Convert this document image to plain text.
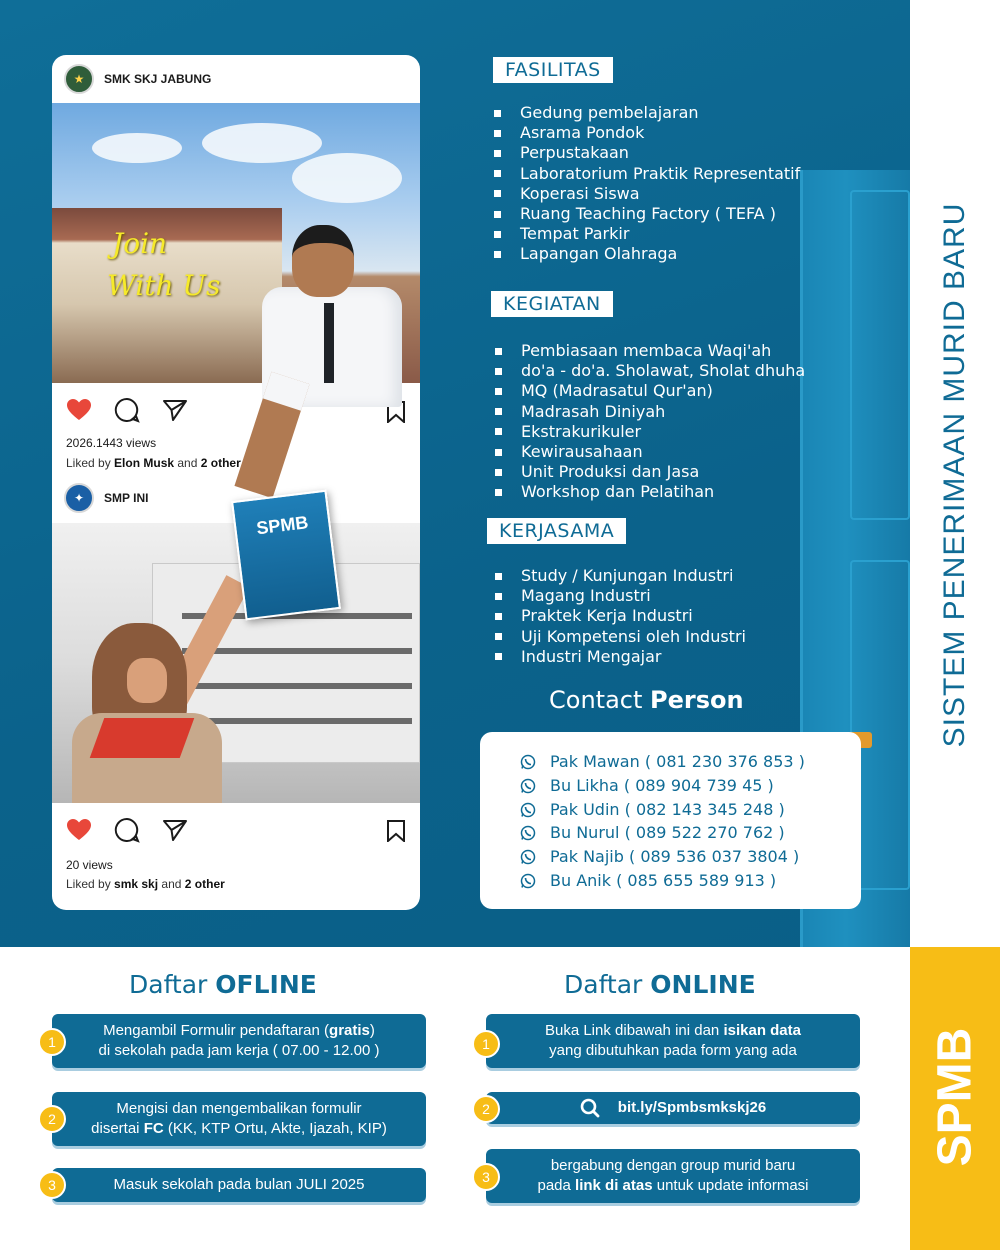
★	SMK SKJ JABUNG
Join
With Us
2026.1443 views
Liked by Elon Musk and 2 other
✦	SMP INI
SPMB
20 views
Liked by smk skj and 2 other
FASILITAS
Gedung pembelajaran
Asrama Pondok
Perpustakaan
Laboratorium Praktik Representatif
Koperasi Siswa
Ruang Teaching Factory ( TEFA )
Tempat Parkir
Lapangan Olahraga
KEGIATAN
Pembiasaan membaca Waqi'ah
do'a - do'a. Sholawat, Sholat dhuha
MQ (Madrasatul Qur'an)
Madrasah Diniyah
Ekstrakurikuler
Kewirausahaan
Unit Produksi dan Jasa
Workshop dan Pelatihan
KERJASAMA
Study / Kunjungan Industri
Magang Industri
Praktek Kerja Industri
Uji Kompetensi oleh Industri
Industri Mengajar
Contact Person
Pak Mawan ( 081 230 376 853 )
Bu Likha ( 089 904 739 45 )
Pak Udin ( 082 143 345 248 )
Bu Nurul ( 089 522 270 762 )
Pak Najib ( 089 536 037 3804 )
Bu Anik ( 085 655 589 913 )
SISTEM PENERIMAAN MURID BARU
SPMB
Daftar OFLINE	Daftar ONLINE
Mengambil Formulir pendaftaran (gratis)
di sekolah pada jam kerja ( 07.00 - 12.00 )
1
Mengisi dan mengembalikan formulir
disertai FC (KK, KTP Ortu, Akte, Ijazah, KIP)
2
Masuk sekolah pada bulan JULI 2025
3
Buka Link dibawah ini dan isikan data
yang dibutuhkan pada form yang ada
1
bit.ly/Spmbsmkskj26
2
bergabung dengan group murid baru
pada link di atas untuk update informasi
3
